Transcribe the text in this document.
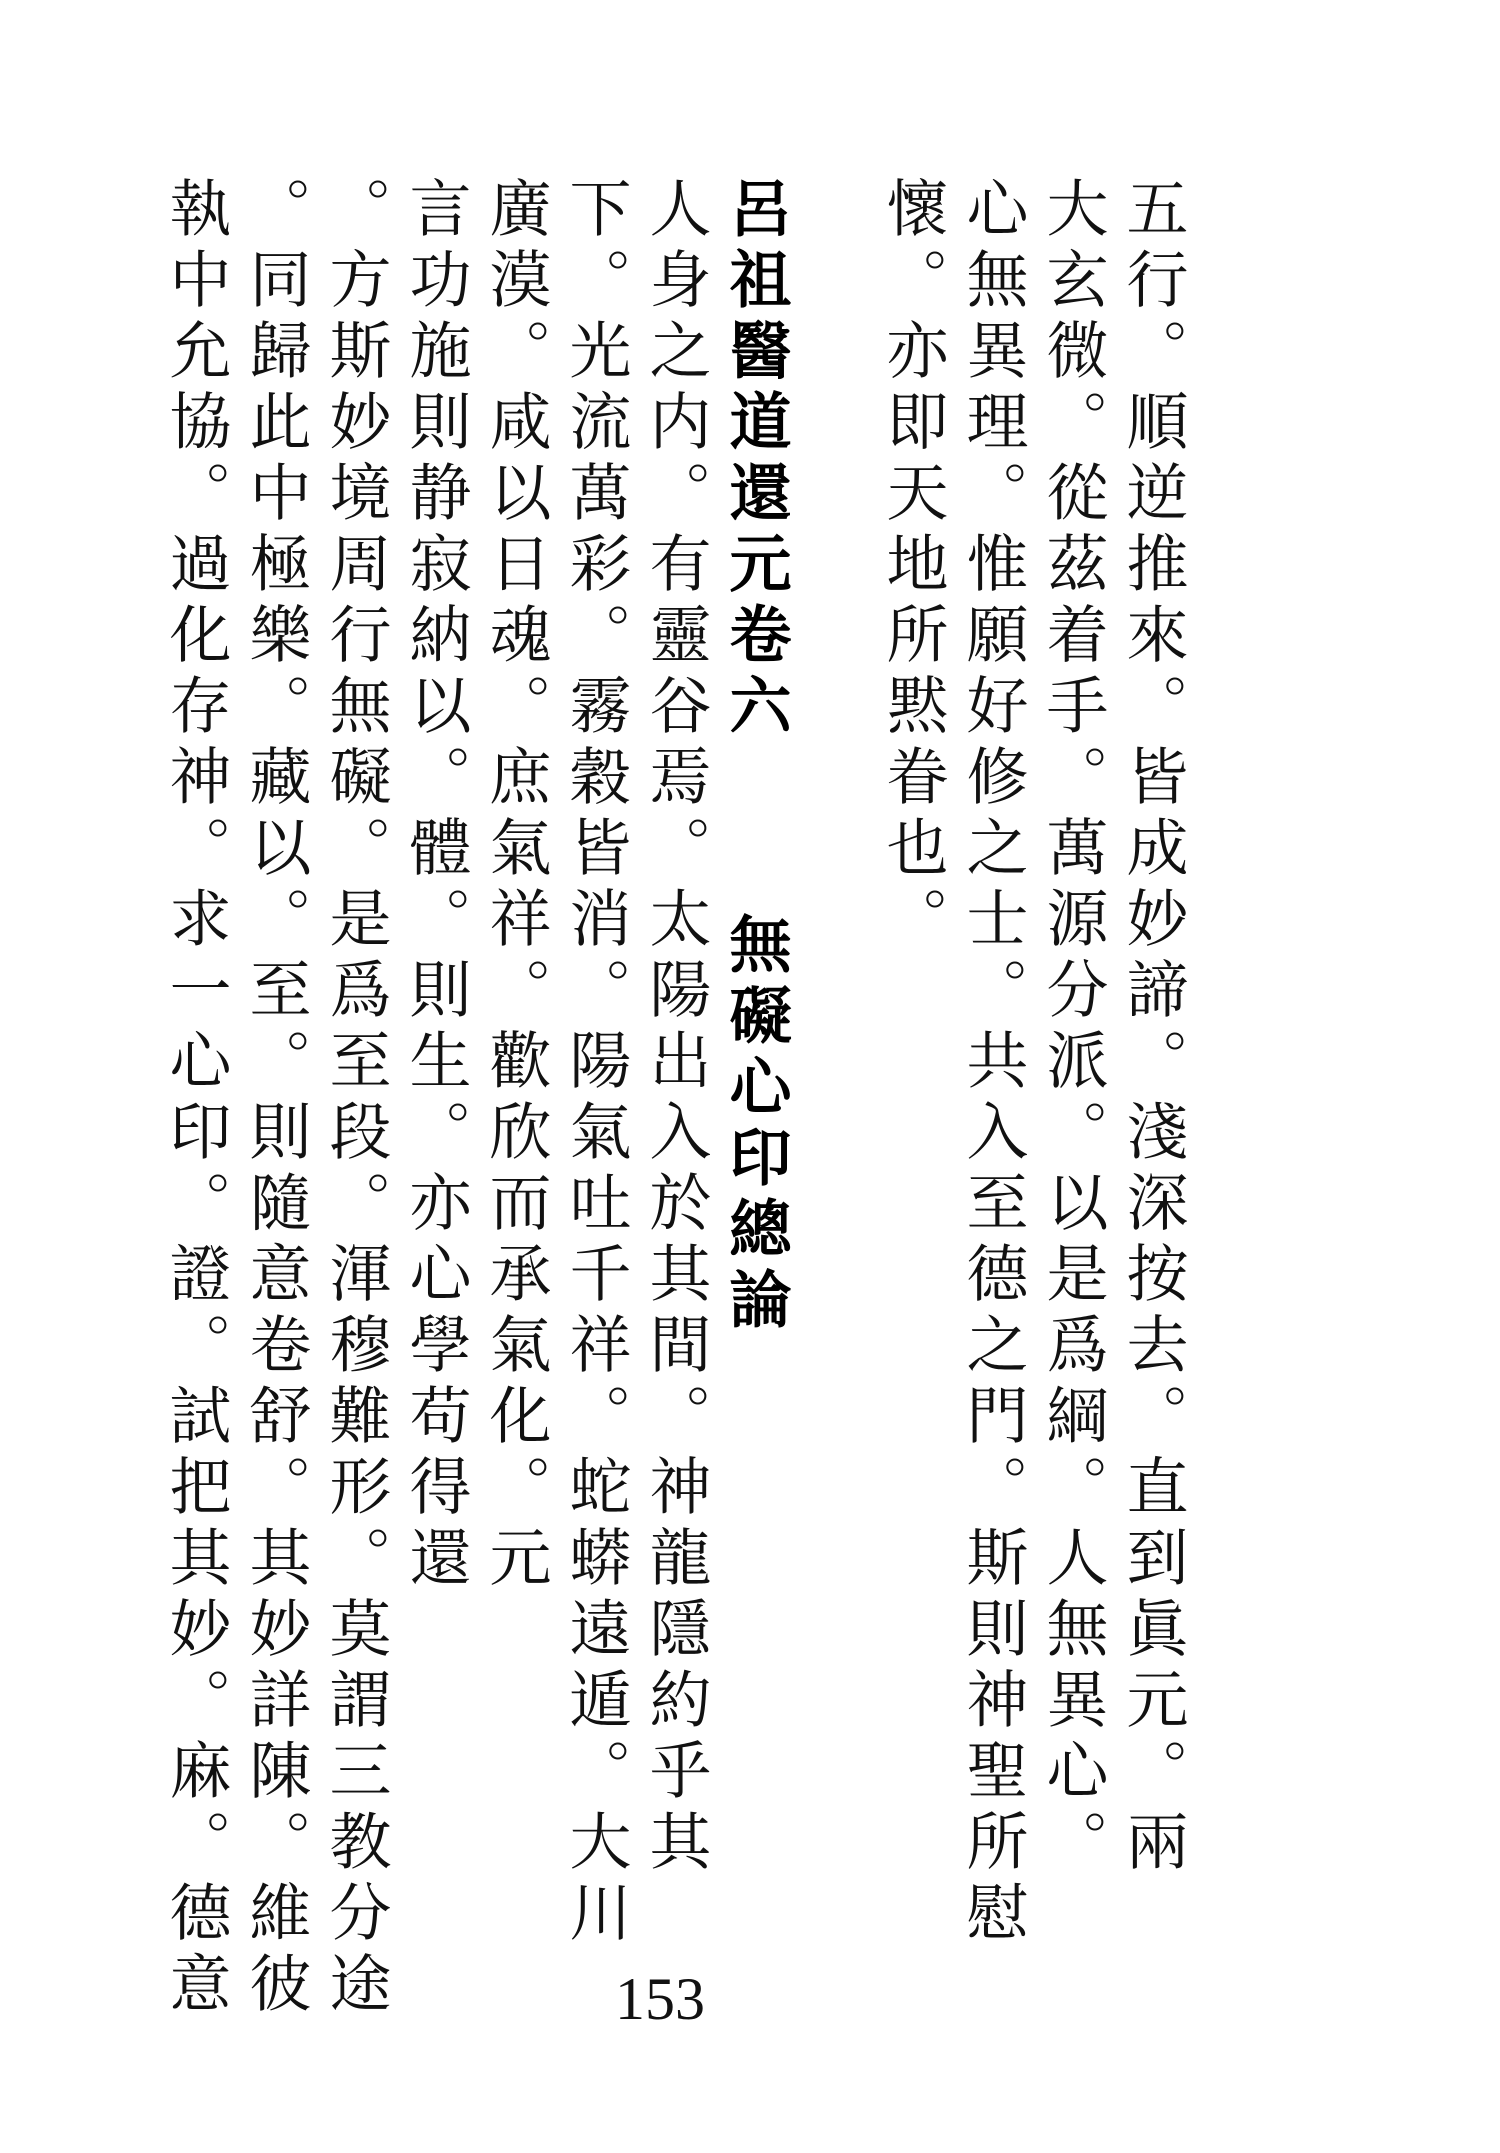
五行。順逆推來。皆成妙諦。淺深按去。直到眞元。兩
大玄微。從茲着手。萬源分派。以是爲綱。人無異心。
心無異理。惟願好修之士。共入至德之門。斯則神聖所慰
懷。亦即天地所黙眷也。
呂祖醫道還元卷六
無礙心印總論
人身之内。有靈谷焉。太陽出入於其間。神龍隱約乎其
下。光流萬彩。霧穀皆消。陽氣吐千祥。蛇蟒遠遁。大川
廣漠。咸以日魂。庶氣祥。歡欣而承氣化。元
言功施則静寂納以。體。則生。亦心學苟得還
。方斯妙境周行無礙。是爲至段。渾穆難形。莫謂三教分途
。同歸此中極樂。藏以。至。則隨意卷舒。其妙詳陳。維彼
執中允協。過化存神。求一心印。證。試把其妙。麻。德意	153
